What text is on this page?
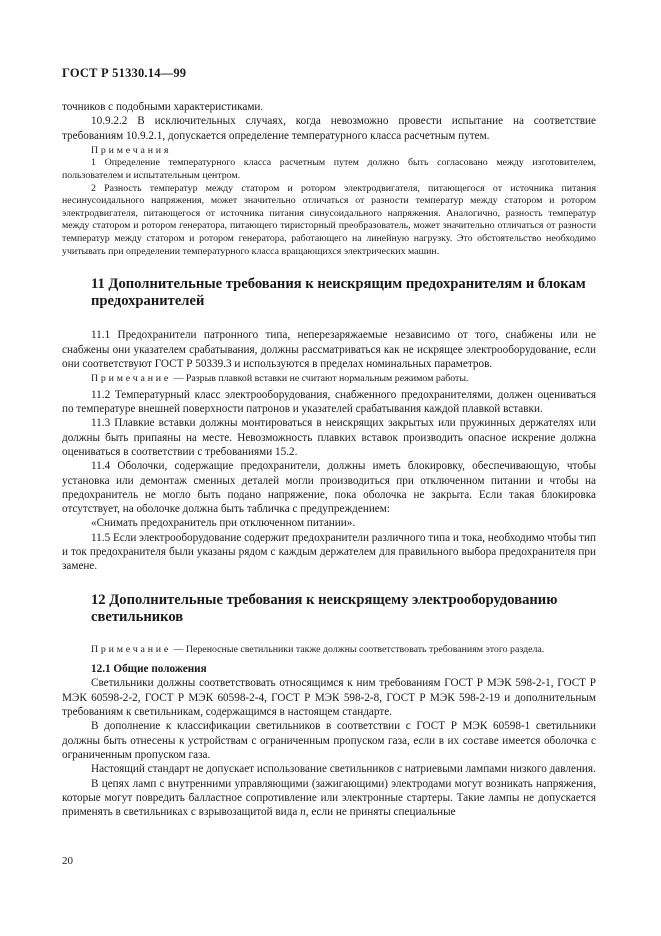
ГОСТ Р 51330.14—99

точников с подобными характеристиками.

10.9.2.2 В исключительных случаях, когда невозможно провести испытание на соответствие требованиям 10.9.2.1, допускается определение температурного класса расчетным путем.

Примечания

1 Определение температурного класса расчетным путем должно быть согласовано между изготовителем, пользователем и испытательным центром.

2 Разность температур между статором и ротором электродвигателя, питающегося от источника питания несинусоидального напряжения, может значительно отличаться от разности температур между статором и ротором электродвигателя, питающегося от источника питания синусоидального напряжения. Аналогично, разность температур между статором и ротором генератора, питающего тиристорный преобразователь, может значительно отличаться от разности температур между статором и ротором генератора, работающего на линейную нагрузку. Это обстоятельство необходимо учитывать при определении температурного класса вращающихся электрических машин.

11 Дополнительные требования к неискрящим предохранителям и блокам предохранителей

11.1 Предохранители патронного типа, неперезаряжаемые независимо от того, снабжены или не снабжены они указателем срабатывания, должны рассматриваться как не искрящее электрооборудование, если они соответствуют ГОСТ Р 50339.3 и используются в пределах номинальных параметров.

Примечание — Разрыв плавкой вставки не считают нормальным режимом работы.

11.2 Температурный класс электрооборудования, снабженного предохранителями, должен оцениваться по температуре внешней поверхности патронов и указателей срабатывания каждой плавкой вставки.

11.3 Плавкие вставки должны монтироваться в неискрящих закрытых или пружинных держателях или должны быть припаяны на месте. Невозможность плавких вставок производить опасное искрение должна оцениваться в соответствии с требованиями 15.2.

11.4 Оболочки, содержащие предохранители, должны иметь блокировку, обеспечивающую, чтобы установка или демонтаж сменных деталей могли производиться при отключенном питании и чтобы на предохранитель не могло быть подано напряжение, пока оболочка не закрыта. Если такая блокировка отсутствует, на оболочке должна быть табличка с предупреждением:

«Снимать предохранитель при отключенном питании».

11.5 Если электрооборудование содержит предохранители различного типа и тока, необходимо чтобы тип и ток предохранителя были указаны рядом с каждым держателем для правильного выбора предохранителя при замене.

12 Дополнительные требования к неискрящему электрооборудованию светильников

Примечание — Переносные светильники также должны соответствовать требованиям этого раздела.

12.1 Общие положения

Светильники должны соответствовать относящимся к ним требованиям ГОСТ Р МЭК 598-2-1, ГОСТ Р МЭК 60598-2-2, ГОСТ Р МЭК 60598-2-4, ГОСТ Р МЭК 598-2-8, ГОСТ Р МЭК 598-2-19 и дополнительным требованиям к светильникам, содержащимся в настоящем стандарте.

В дополнение к классификации светильников в соответствии с ГОСТ Р МЭК 60598-1 светильники должны быть отнесены к устройствам с ограниченным пропуском газа, если в их составе имеется оболочка с ограниченным пропуском газа.

Настоящий стандарт не допускает использование светильников с натриевыми лампами низкого давления.

В цепях ламп с внутренними управляющими (зажигающими) электродами могут возникать напряжения, которые могут повредить балластное сопротивление или электронные стартеры. Такие лампы не допускается применять в светильниках с взрывозащитой вида n, если не приняты специальные

20
